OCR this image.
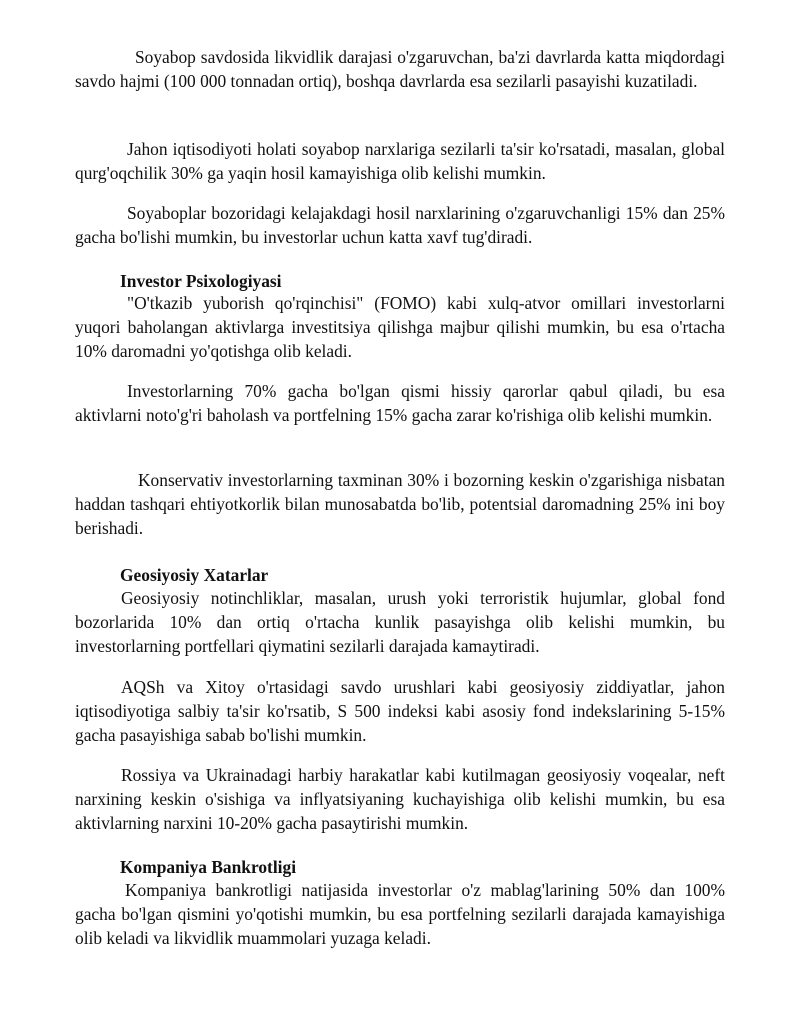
Soyabop savdosida likvidlik darajasi o'zgaruvchan, ba'zi davrlarda katta miqdordagi savdo hajmi (100 000 tonnadan ortiq), boshqa davrlarda esa sezilarli pasayishi kuzatiladi.

Jahon iqtisodiyoti holati soyabop narxlariga sezilarli ta'sir ko'rsatadi, masalan, global qurg'oqchilik 30% ga yaqin hosil kamayishiga olib kelishi mumkin.

Soyaboplar bozoridagi kelajakdagi hosil narxlarining o'zgaruvchanligi 15% dan 25% gacha bo'lishi mumkin, bu investorlar uchun katta xavf tug'diradi.

Investor Psixologiyasi

"O'tkazib yuborish qo'rqinchisi" (FOMO) kabi xulq-atvor omillari investorlarni yuqori baholangan aktivlarga investitsiya qilishga majbur qilishi mumkin, bu esa o'rtacha 10% daromadni yo'qotishga olib keladi.

Investorlarning 70% gacha bo'lgan qismi hissiy qarorlar qabul qiladi, bu esa aktivlarni noto'g'ri baholash va portfelning 15% gacha zarar ko'rishiga olib kelishi mumkin.

Konservativ investorlarning taxminan 30% i bozorning keskin o'zgarishiga nisbatan haddan tashqari ehtiyotkorlik bilan munosabatda bo'lib, potentsial daromadning 25% ini boy berishadi.

Geosiyosiy Xatarlar

Geosiyosiy notinchliklar, masalan, urush yoki terroristik hujumlar, global fond bozorlarida 10% dan ortiq o'rtacha kunlik pasayishga olib kelishi mumkin, bu investorlarning portfellari qiymatini sezilarli darajada kamaytiradi.

AQSh va Xitoy o'rtasidagi savdo urushlari kabi geosiyosiy ziddiyatlar, jahon iqtisodiyotiga salbiy ta'sir ko'rsatib, S 500 indeksi kabi asosiy fond indekslarining 5-15% gacha pasayishiga sabab bo'lishi mumkin.

Rossiya va Ukrainadagi harbiy harakatlar kabi kutilmagan geosiyosiy voqealar, neft narxining keskin o'sishiga va inflyatsiyaning kuchayishiga olib kelishi mumkin, bu esa aktivlarning narxini 10-20% gacha pasaytirishi mumkin.

Kompaniya Bankrotligi

Kompaniya bankrotligi natijasida investorlar o'z mablag'larining 50% dan 100% gacha bo'lgan qismini yo'qotishi mumkin, bu esa portfelning sezilarli darajada kamayishiga olib keladi va likvidlik muammolari yuzaga keladi.
